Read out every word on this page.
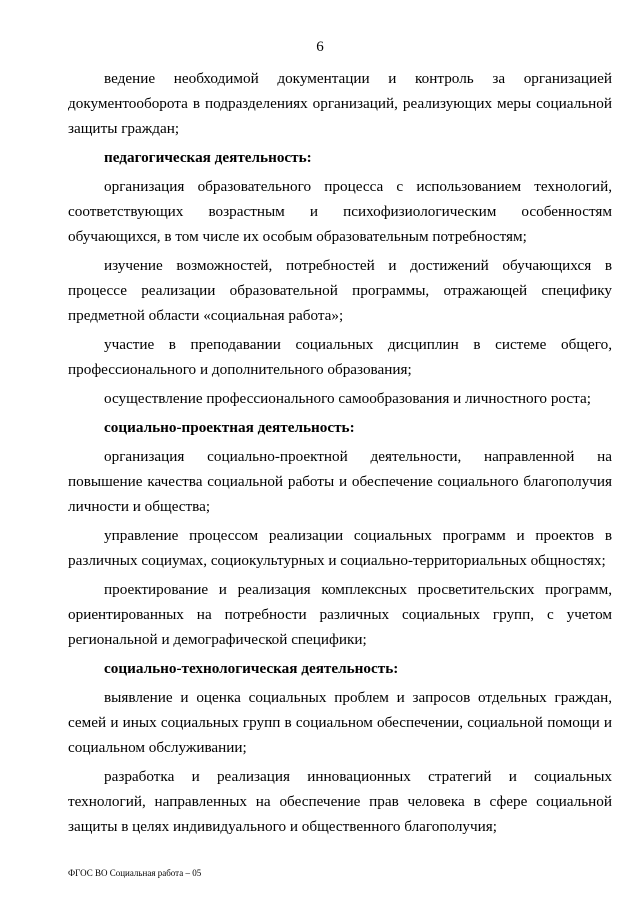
6

ведение необходимой документации и контроль за организацией документооборота в подразделениях организаций, реализующих меры социальной защиты граждан;

педагогическая деятельность:

организация образовательного процесса с использованием технологий, соответствующих возрастным и психофизиологическим особенностям обучающихся, в том числе их особым образовательным потребностям;

изучение возможностей, потребностей и достижений обучающихся в процессе реализации образовательной программы, отражающей специфику предметной области «социальная работа»;

участие в преподавании социальных дисциплин в системе общего, профессионального и дополнительного образования;

осуществление профессионального самообразования и личностного роста;

социально-проектная деятельность:

организация социально-проектной деятельности, направленной на повышение качества социальной работы и обеспечение социального благополучия личности и общества;

управление процессом реализации социальных программ и проектов в различных социумах, социокультурных и социально-территориальных общностях;

проектирование и реализация комплексных просветительских программ, ориентированных на потребности различных социальных групп, с учетом региональной и демографической специфики;

социально-технологическая деятельность:

выявление и оценка социальных проблем и запросов отдельных граждан, семей и иных социальных групп в социальном обеспечении, социальной помощи и социальном обслуживании;

разработка и реализация инновационных стратегий и социальных технологий, направленных на обеспечение прав человека в сфере социальной защиты в целях индивидуального и общественного благополучия;

ФГОС ВО Социальная работа – 05
